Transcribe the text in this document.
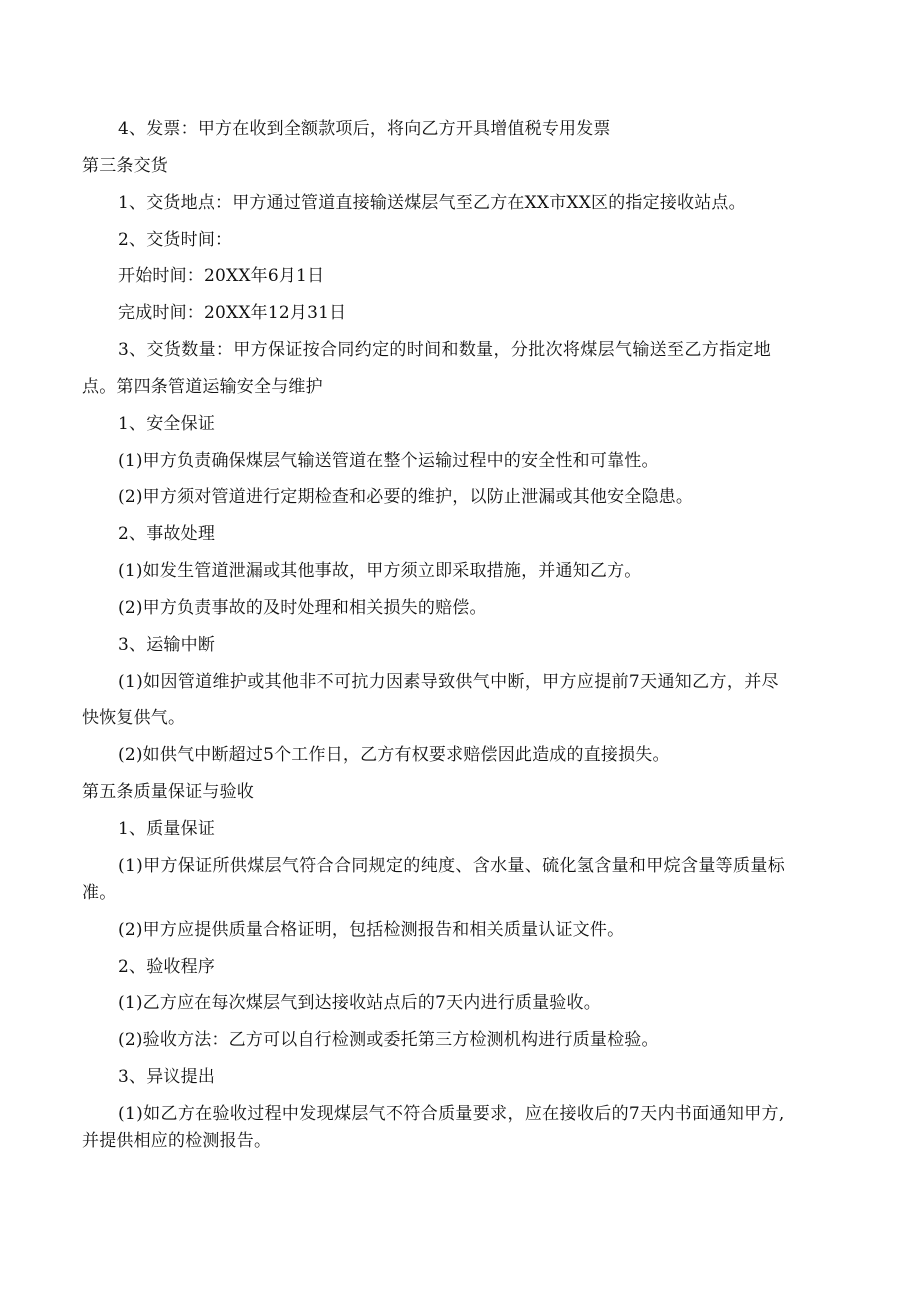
4、发票：甲方在收到全额款项后，将向乙方开具增值税专用发票
第三条交货
1、交货地点：甲方通过管道直接输送煤层气至乙方在XX市XX区的指定接收站点。
2、交货时间：
开始时间：20XX年6月1日
完成时间：20XX年12月31日
3、交货数量：甲方保证按合同约定的时间和数量，分批次将煤层气输送至乙方指定地
点。第四条管道运输安全与维护
1、安全保证
(1)甲方负责确保煤层气输送管道在整个运输过程中的安全性和可靠性。
(2)甲方须对管道进行定期检查和必要的维护，以防止泄漏或其他安全隐患。
2、事故处理
(1)如发生管道泄漏或其他事故，甲方须立即采取措施，并通知乙方。
(2)甲方负责事故的及时处理和相关损失的赔偿。
3、运输中断
(1)如因管道维护或其他非不可抗力因素导致供气中断，甲方应提前7天通知乙方，并尽
快恢复供气。
(2)如供气中断超过5个工作日，乙方有权要求赔偿因此造成的直接损失。
第五条质量保证与验收
1、质量保证
(1)甲方保证所供煤层气符合合同规定的纯度、含水量、硫化氢含量和甲烷含量等质量标
准。
(2)甲方应提供质量合格证明，包括检测报告和相关质量认证文件。
2、验收程序
(1)乙方应在每次煤层气到达接收站点后的7天内进行质量验收。
(2)验收方法：乙方可以自行检测或委托第三方检测机构进行质量检验。
3、异议提出
(1)如乙方在验收过程中发现煤层气不符合质量要求，应在接收后的7天内书面通知甲方,
并提供相应的检测报告。
